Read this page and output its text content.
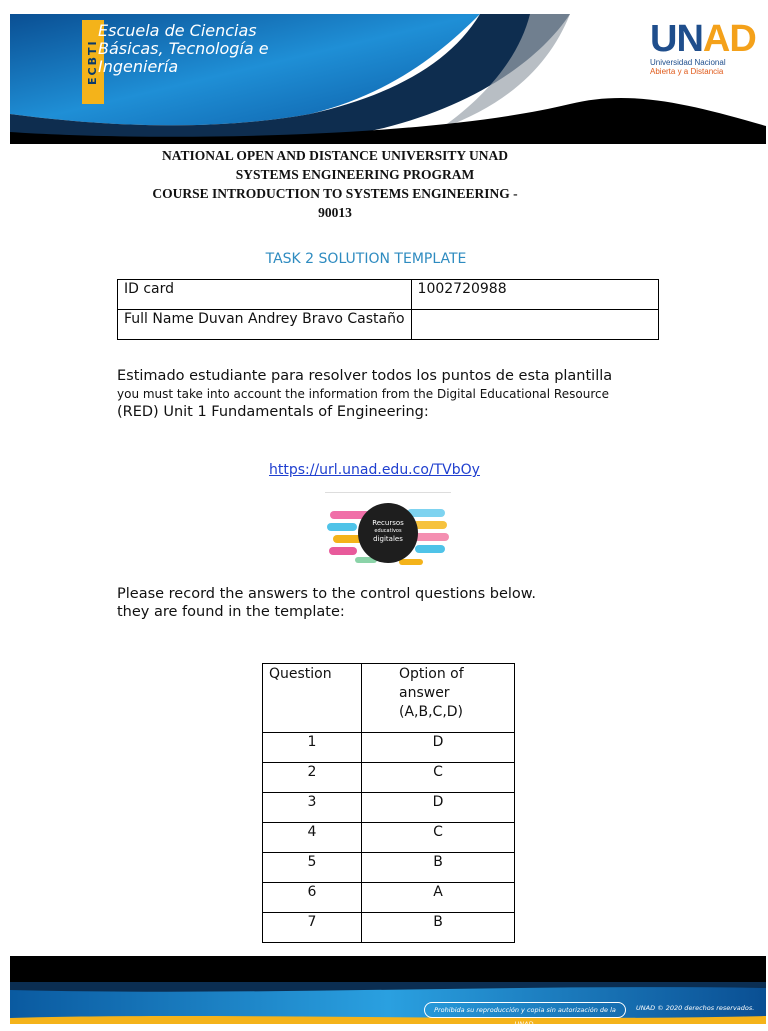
ECBTI
Escuela de Ciencias
Básicas, Tecnología e
Ingeniería
UNAD
Universidad Nacional
Abierta y a Distancia
NATIONAL OPEN AND DISTANCE UNIVERSITY UNAD
SYSTEMS ENGINEERING PROGRAM
COURSE INTRODUCTION TO SYSTEMS ENGINEERING -
90013
TASK 2 SOLUTION TEMPLATE
ID card	1002720988
Full Name Duvan Andrey Bravo Castaño	
Estimado estudiante para resolver todos los puntos de esta plantilla
you must take into account the information from the Digital Educational Resource
(RED) Unit 1 Fundamentals of Engineering:
https://url.unad.edu.co/TVbOy
Recursos
educativos
digitales
Please record the answers to the control questions below.
they are found in the template:
Question	Option of answer (A,B,C,D)
1	D
2	C
3	D
4	C
5	B
6	A
7	B
Prohibida su reproducción y copia sin autorización de la UNAD.
UNAD © 2020 derechos reservados.
